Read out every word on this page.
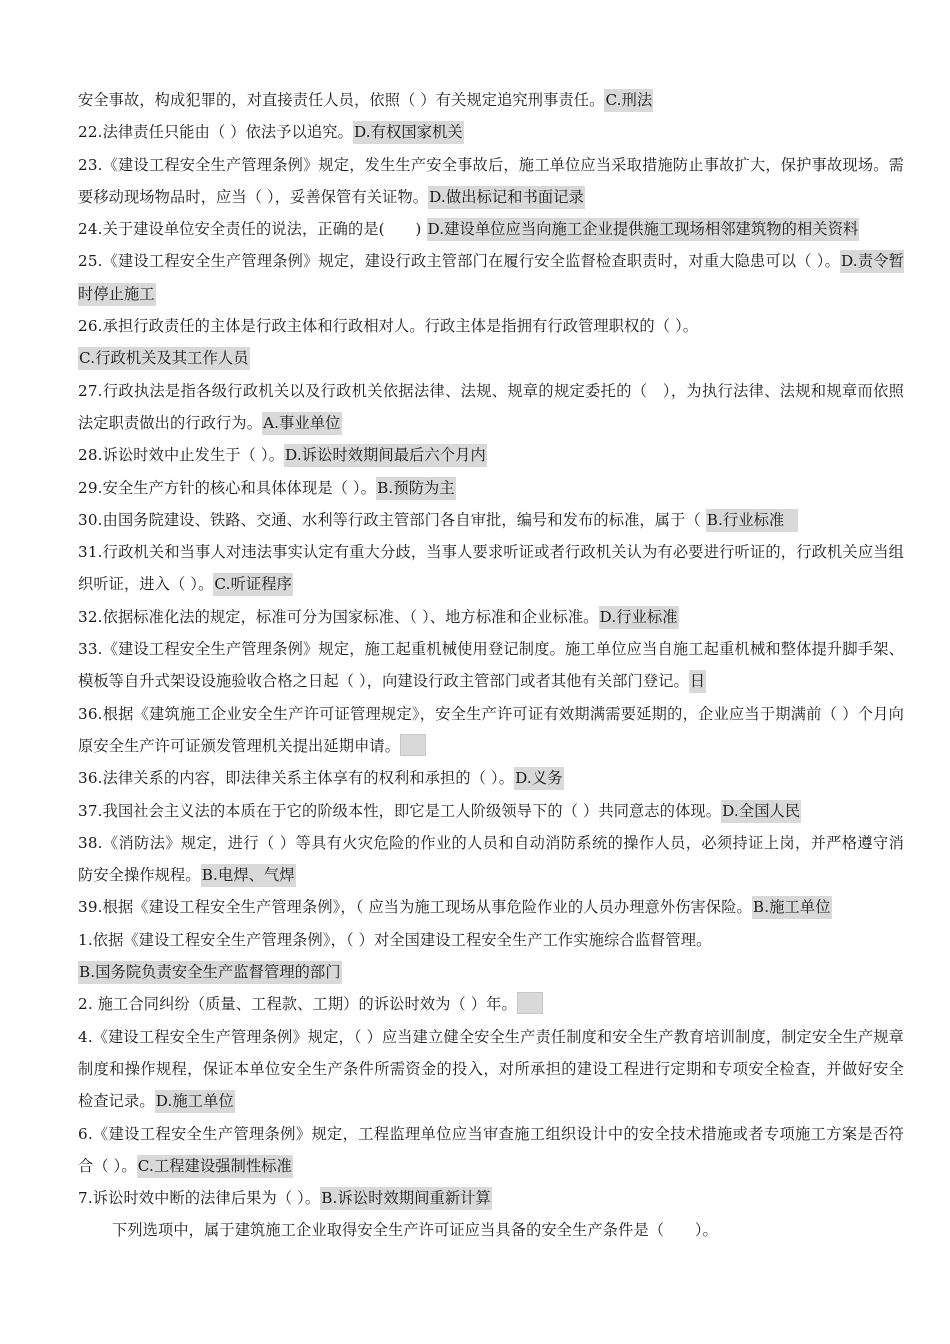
安全事故，构成犯罪的，对直接责任人员，依照（ ）有关规定追究刑事责任。C.刑法

22.法律责任只能由（ ）依法予以追究。D.有权国家机关

23.《建设工程安全生产管理条例》规定，发生生产安全事故后，施工单位应当采取措施防止事故扩大，保护事故现场。需要移动现场物品时，应当（ ），妥善保管有关证物。D.做出标记和书面记录

24.关于建设单位安全责任的说法，正确的是(　　) D.建设单位应当向施工企业提供施工现场相邻建筑物的相关资料

25.《建设工程安全生产管理条例》规定，建设行政主管部门在履行安全监督检查职责时，对重大隐患可以（ ）。D.责令暂时停止施工

26.承担行政责任的主体是行政主体和行政相对人。行政主体是指拥有行政管理职权的（ ）。
C.行政机关及其工作人员

27.行政执法是指各级行政机关以及行政机关依据法律、法规、规章的规定委托的（　），为执行法律、法规和规章而依照法定职责做出的行政行为。A.事业单位

28.诉讼时效中止发生于（ ）。D.诉讼时效期间最后六个月内

29.安全生产方针的核心和具体体现是（ ）。B.预防为主

30.由国务院建设、铁路、交通、水利等行政主管部门各自审批，编号和发布的标准，属于（ B.行业标准

31.行政机关和当事人对违法事实认定有重大分歧，当事人要求听证或者行政机关认为有必要进行听证的，行政机关应当组织听证，进入（ ）。C.听证程序

32.依据标准化法的规定，标准可分为国家标准、（ ）、地方标准和企业标准。D.行业标准

33.《建设工程安全生产管理条例》规定，施工起重机械使用登记制度。施工单位应当自施工起重机械和整体提升脚手架、模板等自升式架设设施验收合格之日起（ ），向建设行政主管部门或者其他有关部门登记。日

36.根据《建筑施工企业安全生产许可证管理规定》，安全生产许可证有效期满需要延期的，企业应当于期满前（ ）个月向原安全生产许可证颁发管理机关提出延期申请。

36.法律关系的内容，即法律关系主体享有的权利和承担的（ ）。D.义务

37.我国社会主义法的本质在于它的阶级本性，即它是工人阶级领导下的（ ）共同意志的体现。D.全国人民

38.《消防法》规定，进行（ ）等具有火灾危险的作业的人员和自动消防系统的操作人员，必须持证上岗，并严格遵守消防安全操作规程。B.电焊、气焊

39.根据《建设工程安全生产管理条例》，（ 应当为施工现场从事危险作业的人员办理意外伤害保险。B.施工单位

1.依据《建设工程安全生产管理条例》，（ ）对全国建设工程安全生产工作实施综合监督管理。
B.国务院负责安全生产监督管理的部门

2. 施工合同纠纷（质量、工程款、工期）的诉讼时效为（ ）年。

4.《建设工程安全生产管理条例》规定，（ ）应当建立健全安全生产责任制度和安全生产教育培训制度，制定安全生产规章制度和操作规程，保证本单位安全生产条件所需资金的投入，对所承担的建设工程进行定期和专项安全检查，并做好安全检查记录。D.施工单位

6.《建设工程安全生产管理条例》规定，工程监理单位应当审查施工组织设计中的安全技术措施或者专项施工方案是否符合（ ）。C.工程建设强制性标准

7.诉讼时效中断的法律后果为（ ）。B.诉讼时效期间重新计算

下列选项中，属于建筑施工企业取得安全生产许可证应当具备的安全生产条件是（　　）。
